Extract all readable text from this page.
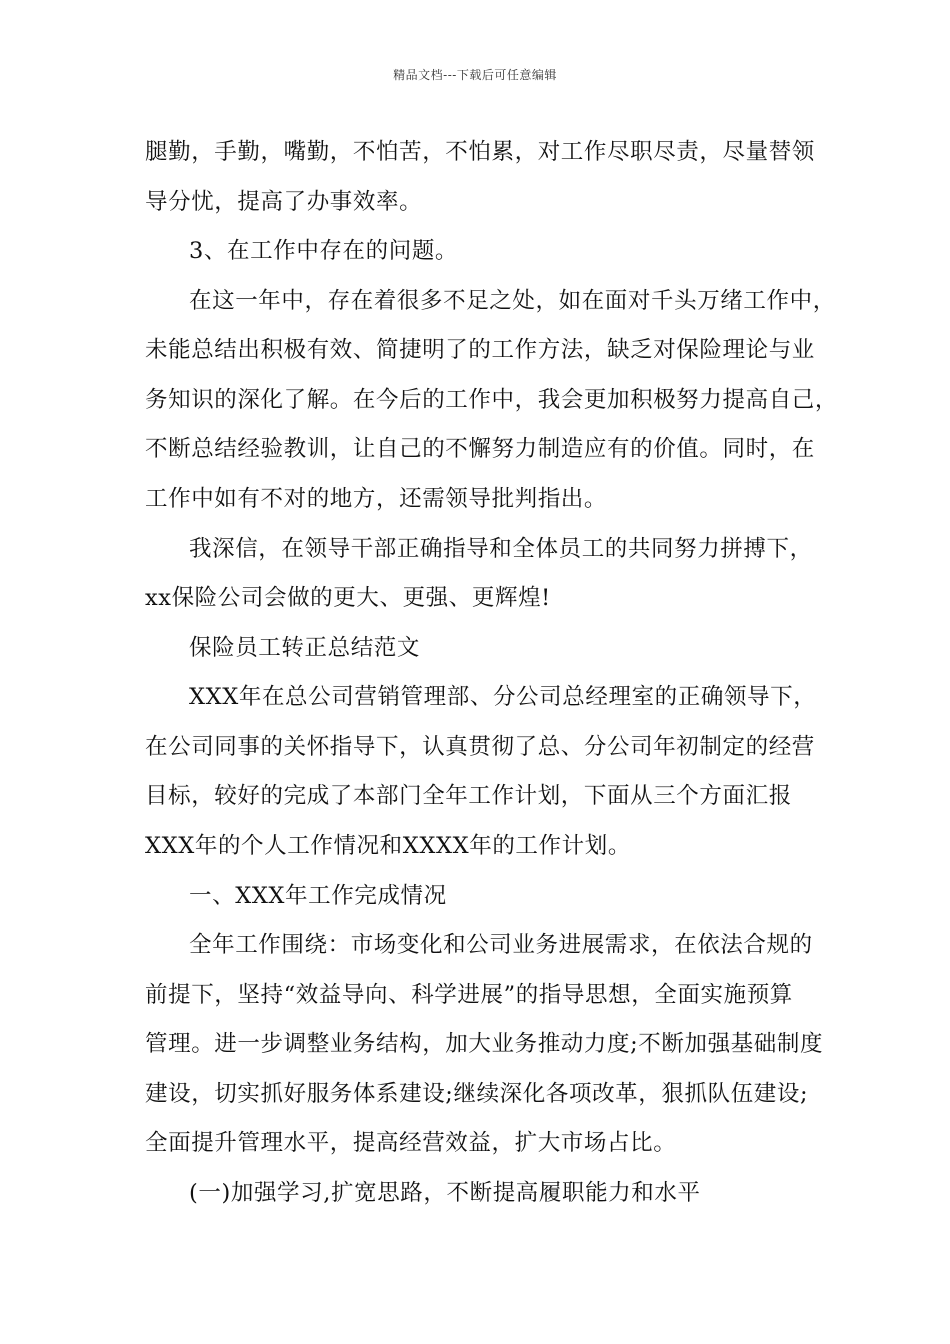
精品文档---下载后可任意编辑
腿勤，手勤，嘴勤，不怕苦，不怕累，对工作尽职尽责，尽量替领
导分忧，提高了办事效率。
3、在工作中存在的问题。
在这一年中，存在着很多不足之处，如在面对千头万绪工作中，
未能总结出积极有效、简捷明了的工作方法，缺乏对保险理论与业
务知识的深化了解。在今后的工作中，我会更加积极努力提高自己，
不断总结经验教训，让自己的不懈努力制造应有的价值。同时，在
工作中如有不对的地方，还需领导批判指出。
我深信，在领导干部正确指导和全体员工的共同努力拼搏下，
xx保险公司会做的更大、更强、更辉煌!
保险员工转正总结范文
XXX年在总公司营销管理部、分公司总经理室的正确领导下，
在公司同事的关怀指导下，认真贯彻了总、分公司年初制定的经营
目标，较好的完成了本部门全年工作计划，下面从三个方面汇报
XXX年的个人工作情况和XXXX年的工作计划。
一、XXX年工作完成情况
全年工作围绕：市场变化和公司业务进展需求，在依法合规的
前提下，坚持“效益导向、科学进展”的指导思想，全面实施预算
管理。进一步调整业务结构，加大业务推动力度;不断加强基础制度
建设，切实抓好服务体系建设;继续深化各项改革，狠抓队伍建设;
全面提升管理水平，提高经营效益，扩大市场占比。
(一)加强学习,扩宽思路，不断提高履职能力和水平
